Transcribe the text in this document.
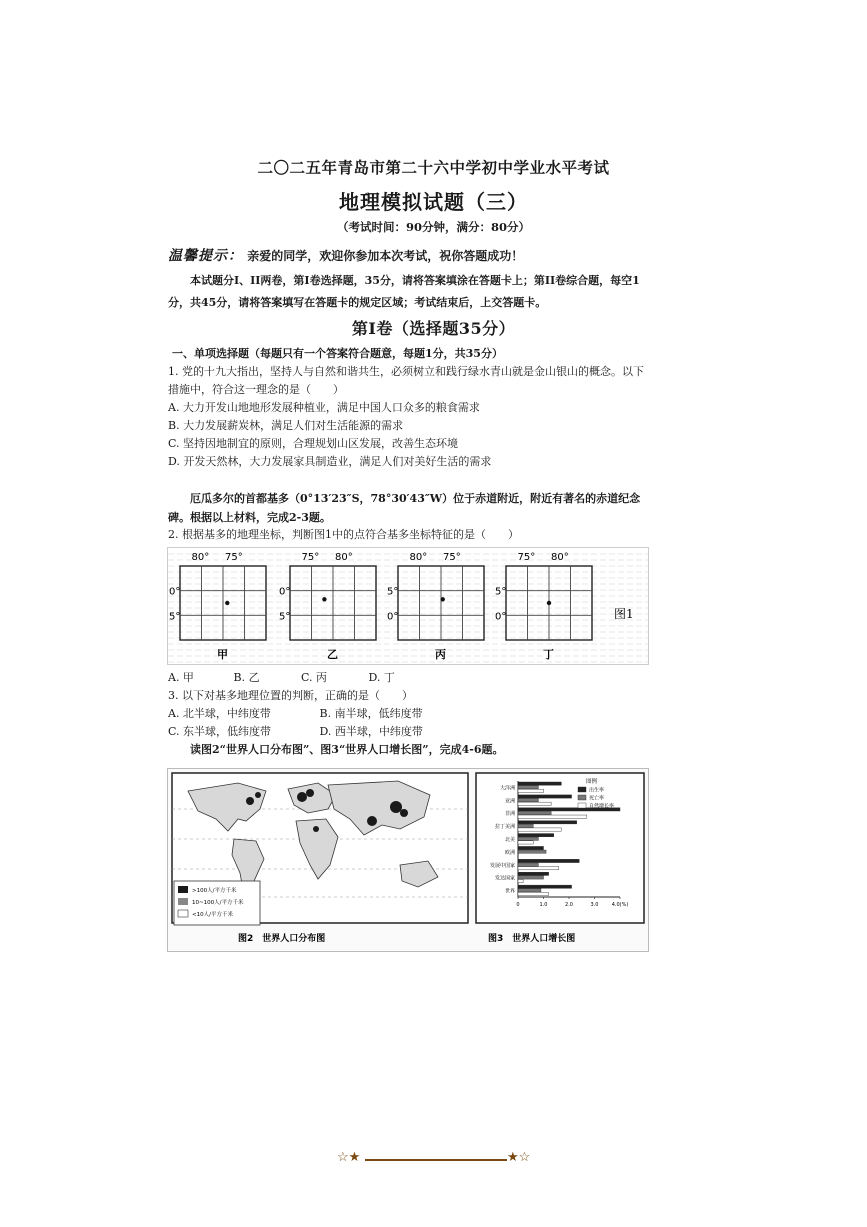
二〇二五年青岛市第二十六中学初中学业水平考试
地理模拟试题（三）
（考试时间：90分钟，满分：80分）
温馨提示： 亲爱的同学，欢迎你参加本次考试，祝你答题成功！
本试题分I、II两卷，第I卷选择题，35分，请将答案填涂在答题卡上；第II卷综合题，每空1分，共45分，请将答案填写在答题卡的规定区域；考试结束后，上交答题卡。
第I卷（选择题35分）
一、单项选择题（每题只有一个答案符合题意，每题1分，共35分）
1. 党的十九大指出，坚持人与自然和谐共生，必须树立和践行绿水青山就是金山银山的概念。以下措施中，符合这一理念的是（　　）
A. 大力开发山地地形发展种植业，满足中国人口众多的粮食需求
B. 大力发展薪炭林，满足人们对生活能源的需求
C. 坚持因地制宜的原则，合理规划山区发展，改善生态环境
D. 开发天然林，大力发展家具制造业，满足人们对美好生活的需求
厄瓜多尔的首都基多（0°13′23″S，78°30′43″W）位于赤道附近，附近有著名的赤道纪念碑。根据以上材料，完成2-3题。
2. 根据基多的地理坐标，判断图1中的点符合基多坐标特征的是（　　）
80° 75°
0°
5°
甲
75° 80°
0°
5°
乙
80° 75°
5°
0°
丙
75° 80°
5°
0°
丁
图1
A. 甲	B. 乙	C. 丙	D. 丁
3. 以下对基多地理位置的判断，正确的是（　　）
A. 北半球，中纬度带	B. 南半球，低纬度带
C. 东半球，低纬度带	D. 西半球，中纬度带
读图2“世界人口分布图”、图3“世界人口增长图”，完成4-6题。
>100人/平方千米
10~100人/平方千米
<10人/平方千米
图2　世界人口分布图
大洋洲
亚洲
非洲
拉丁美洲
北美
欧洲
发展中国家
发达国家
世界
0	1.0	2.0	3.0	4.0(%)
图例
出生率
死亡率
自然增长率
图3　世界人口增长图
☆★	★☆
